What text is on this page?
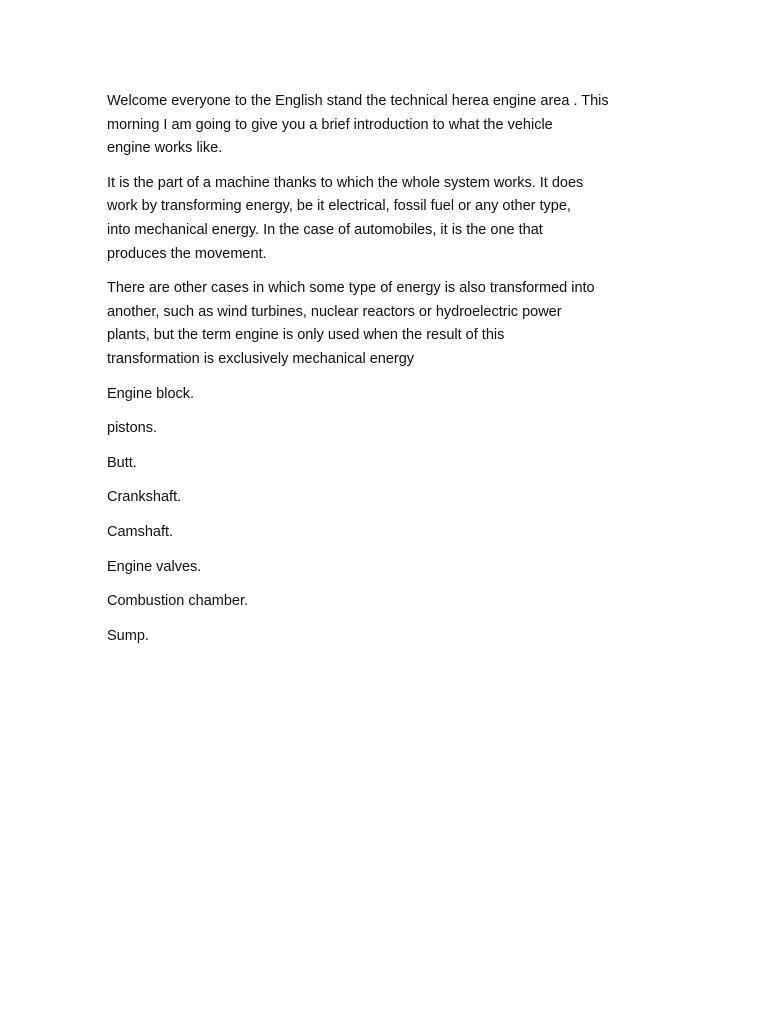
Welcome everyone to the English stand the technical herea engine area . This
morning I am going to give you a brief introduction to what the vehicle
engine works like.

It is the part of a machine thanks to which the whole system works. It does
work by transforming energy, be it electrical, fossil fuel or any other type,
into mechanical energy. In the case of automobiles, it is the one that
produces the movement.

There are other cases in which some type of energy is also transformed into
another, such as wind turbines, nuclear reactors or hydroelectric power
plants, but the term engine is only used when the result of this
transformation is exclusively mechanical energy

Engine block.

pistons.

Butt.

Crankshaft.

Camshaft.

Engine valves.

Combustion chamber.

Sump.
